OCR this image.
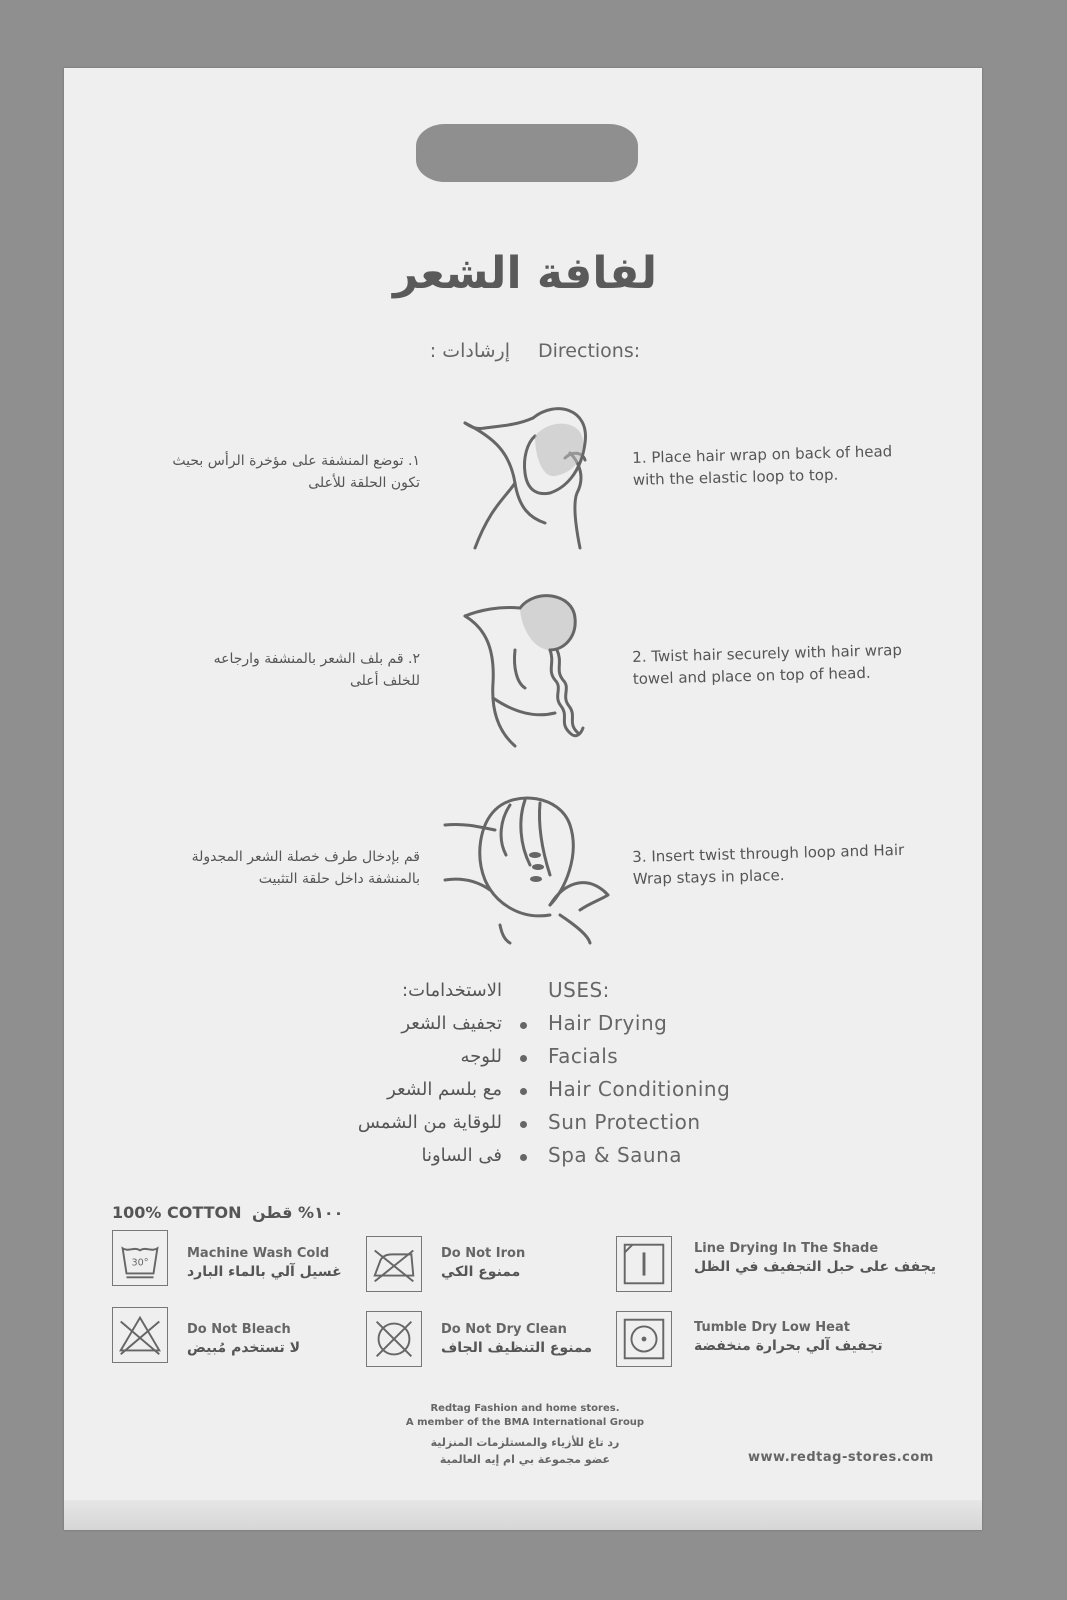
لفافة الشعر
إرشادات : Directions:
١. توضع المنشفة على مؤخرة الرأس بحيث
تكون الحلقة للأعلى
1. Place hair wrap on back of head
with the elastic loop to top.
٢. قم بلف الشعر بالمنشفة وارجاعه
للخلف أعلى
2. Twist hair securely with hair wrap
towel and place on top of head.
قم بإدخال طرف خصلة الشعر المجدولة
بالمنشفة داخل حلقة التثبيت
3. Insert twist through loop and Hair
Wrap stays in place.
الاستخدامات: USES:
تجفيف الشعر Hair Drying
للوجه Facials
مع بلسم الشعر Hair Conditioning
للوقاية من الشمس Sun Protection
فى الساونا Spa & Sauna
100% COTTON ١٠٠% قطن
30°
Machine Wash Cold
غسيل آلي بالماء البارد
Do Not Iron
ممنوع الكي
Line Drying In The Shade
يجفف على حبل التجفيف في الظل
Do Not Bleach
لا تستخدم مُبيض
Do Not Dry Clean
ممنوع التنظيف الجاف
Tumble Dry Low Heat
تجفيف آلي بحرارة منخفضة
Redtag Fashion and home stores.
A member of the BMA International Group
رد تاغ للأزياء والمستلزمات المنزلية
عضو مجموعة بي ام إيه العالمية	www.redtag-stores.com
